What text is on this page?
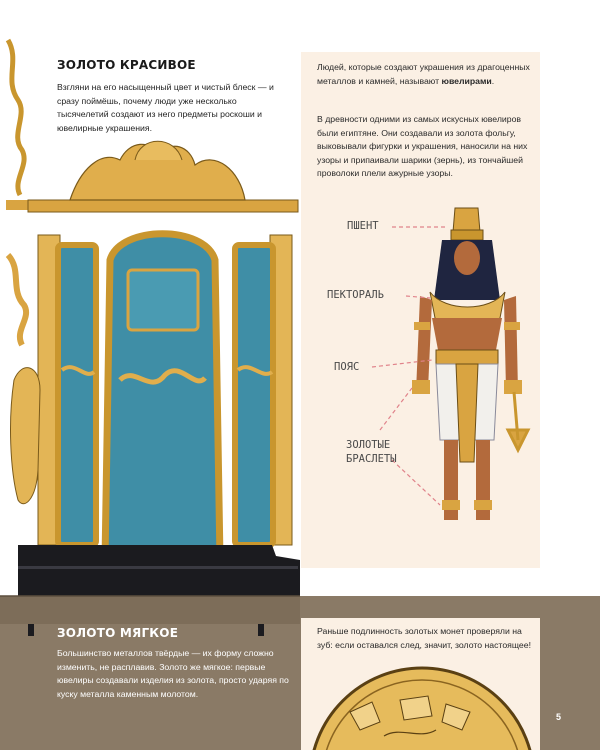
ЗОЛОТО КРАСИВОЕ

Взгляни на его насыщенный цвет и чистый блеск — и сразу поймёшь, почему люди уже несколько тысячелетий создают из него предметы роскоши и ювелирные украшения.

Людей, которые создают украшения из драгоценных металлов и камней, называют ювелирами.

В древности одними из самых искусных ювелиров были египтяне. Они создавали из золота фольгу, выковывали фигурки и украшения, наносили на них узоры и припаивали шарики (зернь), из тончайшей проволоки плели ажурные узоры.

ПШЕНТ

ПЕКТОРАЛЬ

ПОЯС

ЗОЛОТЫЕ

БРАСЛЕТЫ

ЗОЛОТО МЯГКОЕ

Большинство металлов твёрдые — их форму сложно изменить, не расплавив. Золото же мягкое: первые ювелиры создавали изделия из золота, просто ударяя по куску металла каменным молотом.

Раньше подлинность золотых монет проверяли на зуб: если оставался след, значит, золото настоящее!

5
